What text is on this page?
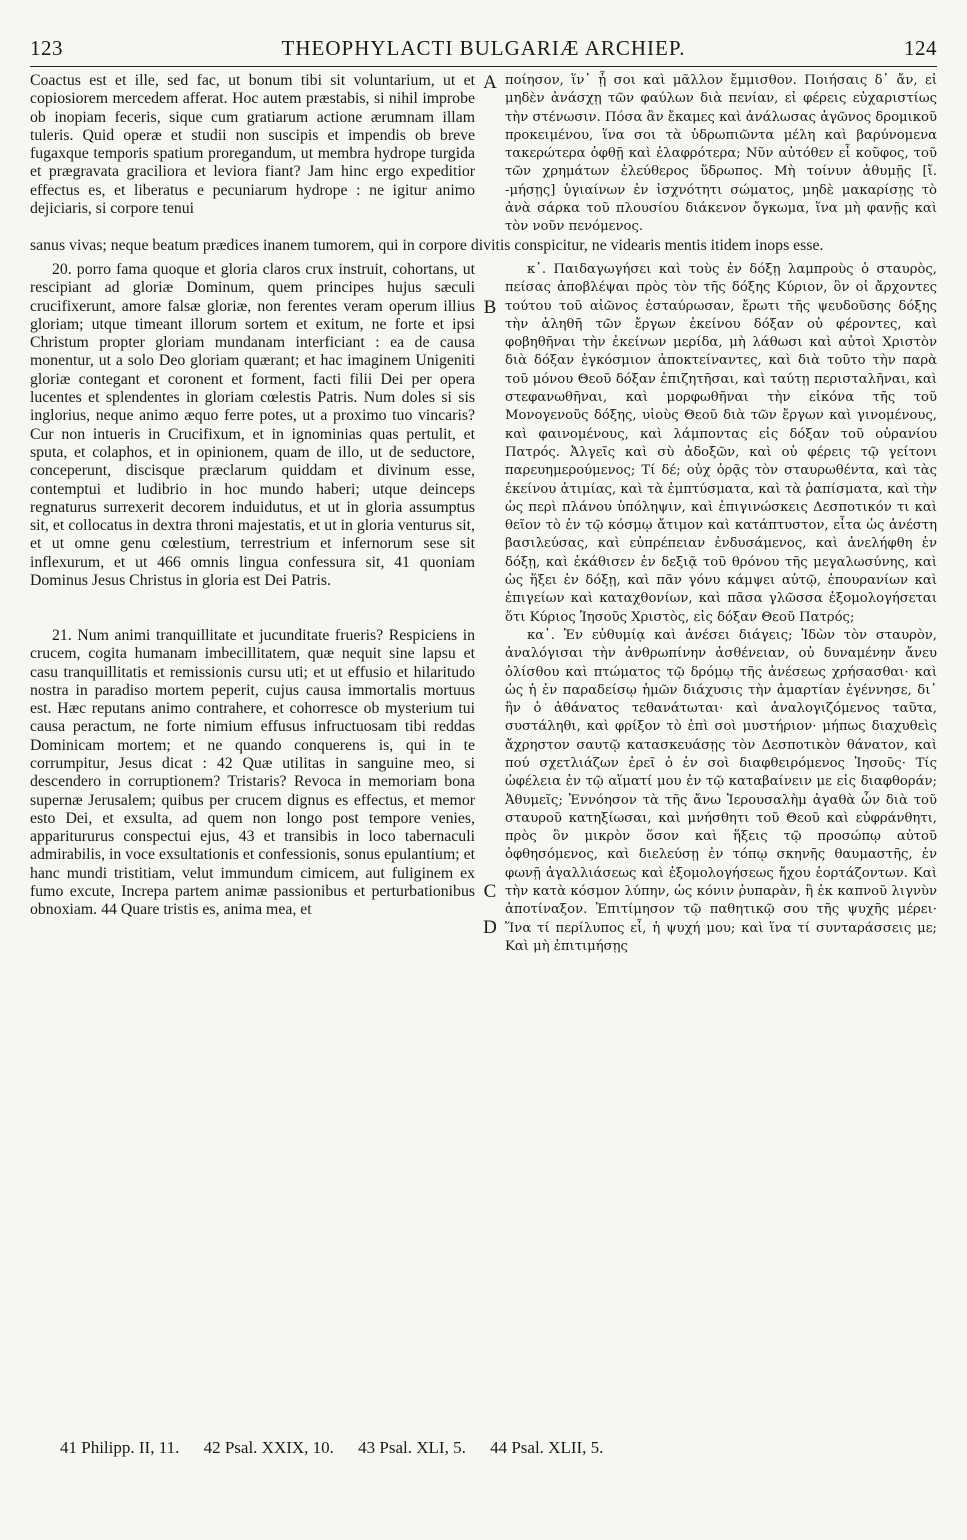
123	THEOPHYLACTI BULGARIÆ ARCHIEP.	124

Coactus est et ille, sed fac, ut bonum tibi sit voluntarium, ut et copiosiorem mercedem afferat. Hoc autem præstabis, si nihil improbe ob inopiam feceris, sique cum gratiarum actione ærumnam illam tuleris. Quid operæ et studii non suscipis et impendis ob breve fugaxque temporis spatium proregandum, ut membra hydrope turgida et prægravata graciliora et leviora fiant? Jam hinc ergo expeditior effectus es, et liberatus e pecuniarum hydrope : ne igitur animo dejiciaris, si corpore tenui

A ποίησον, ἵν᾽ ᾖ σοι καὶ μᾶλλον ἔμμισθον. Ποιήσαις δ᾽ ἄν, εἰ μηδὲν ἀνάσχῃ τῶν φαύλων διὰ πενίαν, εἰ φέρεις εὐχαριστίως τὴν στένωσιν. Πόσα ἂν ἔκαμες καὶ ἀνάλωσας ἀγῶνος δρομικοῦ προκειμένου, ἵνα σοι τὰ ὑδρωπιῶντα μέλη καὶ βαρύνομενα τακερώτερα ὀφθῇ καὶ ἐλαφρότερα; Νῦν αὐτόθεν εἶ κοῦφος, τοῦ τῶν χρημάτων ἐλεύθερος ὕδρωπος. Μὴ τοίνυν ἀθυμῇς [ἴ. -μήσῃς] ὑγιαίνων ἐν ἰσχνότητι σώματος, μηδὲ μακαρίσῃς τὸ ἀνὰ σάρκα τοῦ πλουσίου διάκενον ὄγκωμα, ἵνα μὴ φανῇς καὶ τὸν νοῦν πενόμενος.

sanus vivas; neque beatum prædices inanem tumorem, qui in corpore divitis conspicitur, ne videaris mentis itidem inops esse.

20. porro fama quoque et gloria claros crux instruit, cohortans, ut rescipiant ad gloriæ Dominum, quem principes hujus sæculi crucifixerunt, amore falsæ gloriæ, non ferentes veram operum illius gloriam; utque timeant illorum sortem et exitum, ne forte et ipsi Christum propter gloriam mundanam interficiant : ea de causa monentur, ut a solo Deo gloriam quærant; et hac imaginem Unigeniti gloriæ contegant et coronent et forment, facti filii Dei per opera lucentes et splendentes in gloriam cœlestis Patris. Num doles si sis inglorius, neque animo æquo ferre potes, ut a proximo tuo vincaris? Cur non intueris in Crucifixum, et in ignominias quas pertulit, et sputa, et colaphos, et in opinionem, quam de illo, ut de seductore, conceperunt, discisque præclarum quiddam et divinum esse, contemptui et ludibrio in hoc mundo haberi; utque deinceps regnaturus surrexerit decorem induidutus, et ut in gloria assumptus sit, et collocatus in dextra throni majestatis, et ut in gloria venturus sit, et ut omne genu cœlestium, terrestrium et infernorum sese sit inflexurum, et ut 466 omnis lingua confessura sit, 41 quoniam Dominus Jesus Christus in gloria est Dei Patris.

B
C

κ᾽. Παιδαγωγήσει καὶ τοὺς ἐν δόξῃ λαμπροὺς ὁ σταυρὸς, πείσας ἀποβλέψαι πρὸς τὸν τῆς δόξης Κύριον, ὃν οἱ ἄρχοντες τούτου τοῦ αἰῶνος ἐσταύρωσαν, ἔρωτι τῆς ψευδοῦσης δόξης τὴν ἀληθῆ τῶν ἔργων ἐκείνου δόξαν οὐ φέροντες, καὶ φοβηθῆναι τὴν ἐκείνων μερίδα, μὴ λάθωσι καὶ αὐτοὶ Χριστὸν διὰ δόξαν ἐγκόσμιον ἀποκτείναντες, καὶ διὰ τοῦτο τὴν παρὰ τοῦ μόνου Θεοῦ δόξαν ἐπιζητῆσαι, καὶ ταύτῃ περισταλῆναι, καὶ στεφανωθῆναι, καὶ μορφωθῆναι τὴν εἰκόνα τῆς τοῦ Μονογενοῦς δόξης, υἱοὺς Θεοῦ διὰ τῶν ἔργων καὶ γινομένους, καὶ φαινομένους, καὶ λάμποντας εἰς δόξαν τοῦ οὐρανίου Πατρός. Ἀλγεῖς καὶ σὺ ἀδοξῶν, καὶ οὐ φέρεις τῷ γείτονι παρευημερούμενος; Τί δέ; οὐχ ὁρᾷς τὸν σταυρωθέντα, καὶ τὰς ἐκείνου ἀτιμίας, καὶ τὰ ἐμπτύσματα, καὶ τὰ ῥαπίσματα, καὶ τὴν ὡς περὶ πλάνου ὑπόληψιν, καὶ ἐπιγινώσκεις Δεσποτικόν τι καὶ θεῖον τὸ ἐν τῷ κόσμῳ ἄτιμον καὶ κατάπτυστον, εἶτα ὡς ἀνέστη βασιλεύσας, καὶ εὐπρέπειαν ἐνδυσάμενος, καὶ ἀνελήφθη ἐν δόξῃ, καὶ ἐκάθισεν ἐν δεξιᾷ τοῦ θρόνου τῆς μεγαλωσύνης, καὶ ὡς ἥξει ἐν δόξῃ, καὶ πᾶν γόνυ κάμψει αὐτῷ, ἐπουρανίων καὶ ἐπιγείων καὶ καταχθονίων, καὶ πᾶσα γλῶσσα ἐξομολογήσεται ὅτι Κύριος Ἰησοῦς Χριστὸς, εἰς δόξαν Θεοῦ Πατρός;

21. Num animi tranquillitate et jucunditate frueris? Respiciens in crucem, cogita humanam imbecillitatem, quæ nequit sine lapsu et casu tranquillitatis et remissionis cursu uti; et ut effusio et hilaritudo nostra in paradiso mortem peperit, cujus causa immortalis mortuus est. Hæc reputans animo contrahere, et cohorresce ob mysterium tui causa peractum, ne forte nimium effusus infructuosam tibi reddas Dominicam mortem; et ne quando conquerens is, qui in te corrumpitur, Jesus dicat : 42 Quæ utilitas in sanguine meo, si descendero in corruptionem? Tristaris? Revoca in memoriam bona supernæ Jerusalem; quibus per crucem dignus es effectus, et memor esto Dei, et exsulta, ad quem non longo post tempore venies, apparitururus conspectui ejus, 43 et transibis in loco tabernaculi admirabilis, in voce exsultationis et confessionis, sonus epulantium; et hanc mundi tristitiam, velut immundum cimicem, aut fuliginem ex fumo excute, Increpa partem animæ passionibus et perturbationibus obnoxiam. 44 Quare tristis es, anima mea, et

D

κα᾽. Ἐν εὐθυμίᾳ καὶ ἀνέσει διάγεις; Ἰδὼν τὸν σταυρὸν, ἀναλόγισαι τὴν ἀνθρωπίνην ἀσθένειαν, οὐ δυναμένην ἄνευ ὀλίσθου καὶ πτώματος τῷ δρόμῳ τῆς ἀνέσεως χρήσασθαι· καὶ ὡς ἡ ἐν παραδείσῳ ἡμῶν διάχυσις τὴν ἁμαρτίαν ἐγέννησε, δι᾽ ἣν ὁ ἀθάνατος τεθανάτωται· καὶ ἀναλογιζόμενος ταῦτα, συστάληθι, καὶ φρίξον τὸ ἐπὶ σοὶ μυστήριον· μήπως διαχυθεὶς ἄχρηστον σαυτῷ κατασκευάσῃς τὸν Δεσποτικὸν θάνατον, καὶ πού σχετλιάζων ἐρεῖ ὁ ἐν σοὶ διαφθειρόμενος Ἰησοῦς· Τίς ὠφέλεια ἐν τῷ αἵματί μου ἐν τῷ καταβαίνειν με εἰς διαφθοράν; Ἀθυμεῖς; Ἐννόησον τὰ τῆς ἄνω Ἱερουσαλὴμ ἀγαθὰ ὧν διὰ τοῦ σταυροῦ κατηξίωσαι, καὶ μνήσθητι τοῦ Θεοῦ καὶ εὐφράνθητι, πρὸς ὃν μικρὸν ὅσον καὶ ἥξεις τῷ προσώπῳ αὐτοῦ ὀφθησόμενος, καὶ διελεύσῃ ἐν τόπῳ σκηνῆς θαυμαστῆς, ἐν φωνῇ ἀγαλλιάσεως καὶ ἐξομολογήσεως ἤχου ἑορτάζοντων. Καὶ τὴν κατὰ κόσμον λύπην, ὡς κόνιν ῥυπαρὰν, ἢ ἐκ καπνοῦ λιγνὺν ἀποτίναξον. Ἐπιτίμησον τῷ παθητικῷ σου τῆς ψυχῆς μέρει· Ἵνα τί περίλυπος εἶ, ἡ ψυχή μου; καὶ ἵνα τί συνταράσσεις με; Καὶ μὴ ἐπιτιμήσῃς

41 Philipp. II, 11. 42 Psal. XXIX, 10. 43 Psal. XLI, 5. 44 Psal. XLII, 5.
